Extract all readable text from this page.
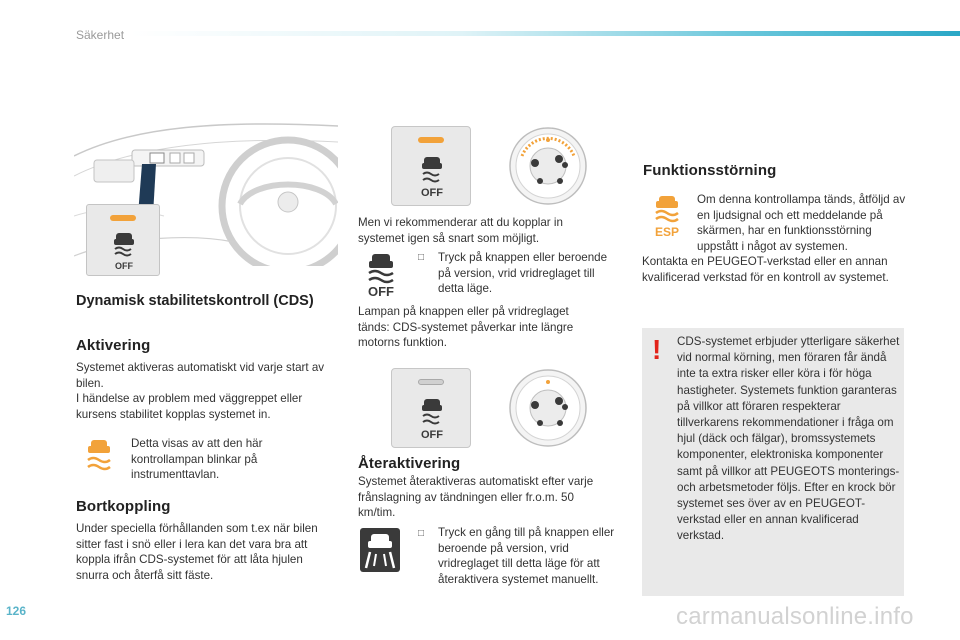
Säkerhet
OFF
Dynamisk stabilitetskontroll (CDS)
Aktivering
Systemet aktiveras automatiskt vid varje start av bilen.
I händelse av problem med väggreppet eller kursens stabilitet kopplas systemet in.
Detta visas av att den här kontrollampan blinkar på instrumenttavlan.
Bortkoppling
Under speciella förhållanden som t.ex när bilen sitter fast i snö eller i lera kan det vara bra att koppla ifrån CDS-systemet för att låta hjulen snurra och återfå sitt fäste.
OFF
Men vi rekommenderar att du kopplar in systemet igen så snart som möjligt.
OFF
□ Tryck på knappen eller beroende på version, vrid vridreglaget till detta läge.
Lampan på knappen eller på vridreglaget tänds: CDS-systemet påverkar inte längre motorns funktion.
OFF
Återaktivering
Systemet återaktiveras automatiskt efter varje frånslagning av tändningen eller fr.o.m. 50 km/tim.
□ Tryck en gång till på knappen eller beroende på version, vrid vridreglaget till detta läge för att återaktivera systemet manuellt.
Funktionsstörning
ESP
Om denna kontrollampa tänds, åtföljd av en ljudsignal och ett meddelande på skärmen, har en funktionsstörning uppstått i något av systemen.
Kontakta en PEUGEOT-verkstad eller en annan kvalificerad verkstad för en kontroll av systemet.
! CDS-systemet erbjuder ytterligare säkerhet vid normal körning, men föraren får ändå inte ta extra risker eller köra i för höga hastigheter. Systemets funktion garanteras på villkor att föraren respekterar tillverkarens rekommendationer i fråga om hjul (däck och fälgar), bromssystemets komponenter, elektroniska komponenter samt på villkor att PEUGEOTS monterings- och arbetsmetoder följs. Efter en krock bör systemet ses över av en PEUGEOT-verkstad eller en annan kvalificerad verkstad.
126	carmanualsonline.info
